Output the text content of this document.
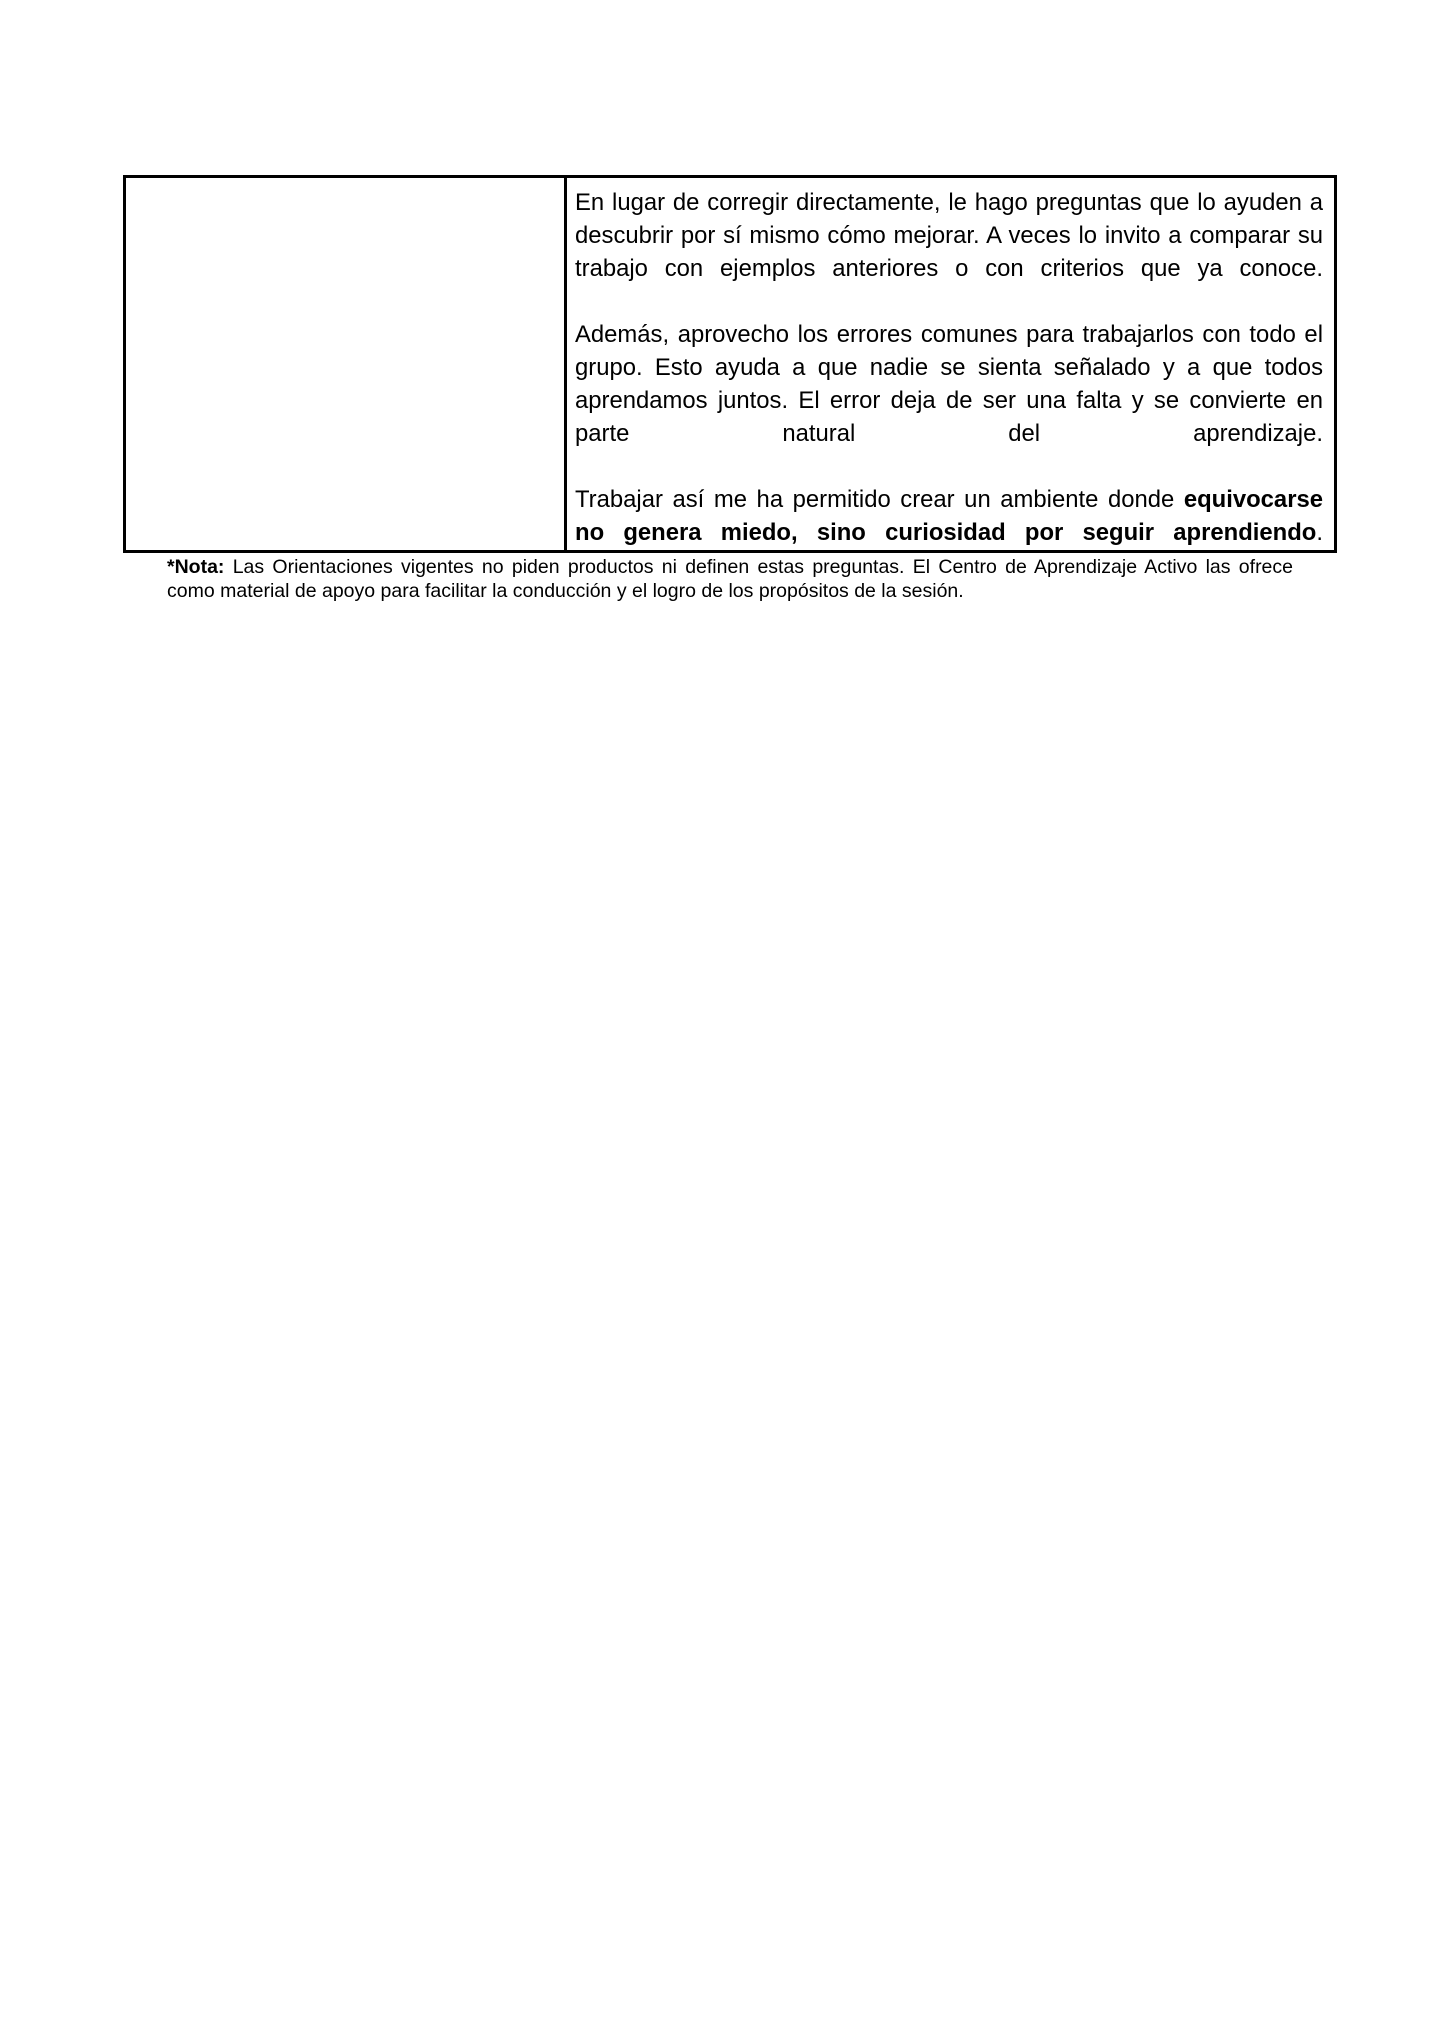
En lugar de corregir directamente, le hago preguntas que lo ayuden a descubrir por sí mismo cómo mejorar. A veces lo invito a comparar su trabajo con ejemplos anteriores o con criterios que ya conoce.

Además, aprovecho los errores comunes para trabajarlos con todo el grupo. Esto ayuda a que nadie se sienta señalado y a que todos aprendamos juntos. El error deja de ser una falta y se convierte en parte natural del aprendizaje.

Trabajar así me ha permitido crear un ambiente donde equivocarse no genera miedo, sino curiosidad por seguir aprendiendo.

*Nota: Las Orientaciones vigentes no piden productos ni definen estas preguntas. El Centro de Aprendizaje Activo las ofrece como material de apoyo para facilitar la conducción y el logro de los propósitos de la sesión.
